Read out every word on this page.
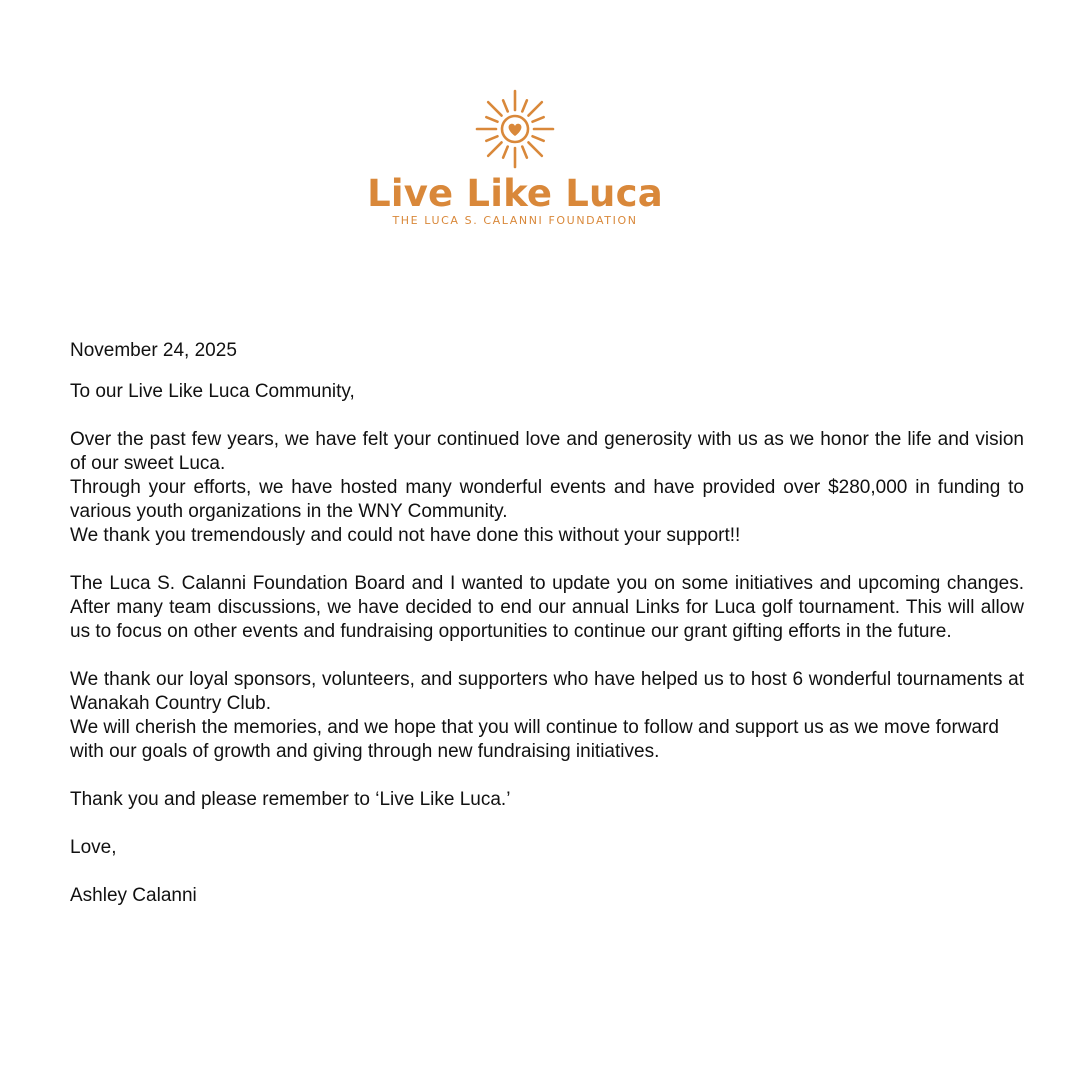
Live Like Luca
THE LUCA S. CALANNI FOUNDATION

November 24, 2025

To our Live Like Luca Community,

Over the past few years, we have felt your continued love and generosity with us as we honor the life and vision of our sweet Luca.

Through your efforts, we have hosted many wonderful events and have provided over $280,000 in funding to various youth organizations in the WNY Community.

We thank you tremendously and could not have done this without your support!!

The Luca S. Calanni Foundation Board and I wanted to update you on some initiatives and upcoming changes. After many team discussions, we have decided to end our annual Links for Luca golf tournament. This will allow us to focus on other events and fundraising opportunities to continue our grant gifting efforts in the future.

We thank our loyal sponsors, volunteers, and supporters who have helped us to host 6 wonderful tournaments at Wanakah Country Club.

We will cherish the memories, and we hope that you will continue to follow and support us as we move forward with our goals of growth and giving through new fundraising initiatives.

Thank you and please remember to ‘Live Like Luca.’

Love,

Ashley Calanni
